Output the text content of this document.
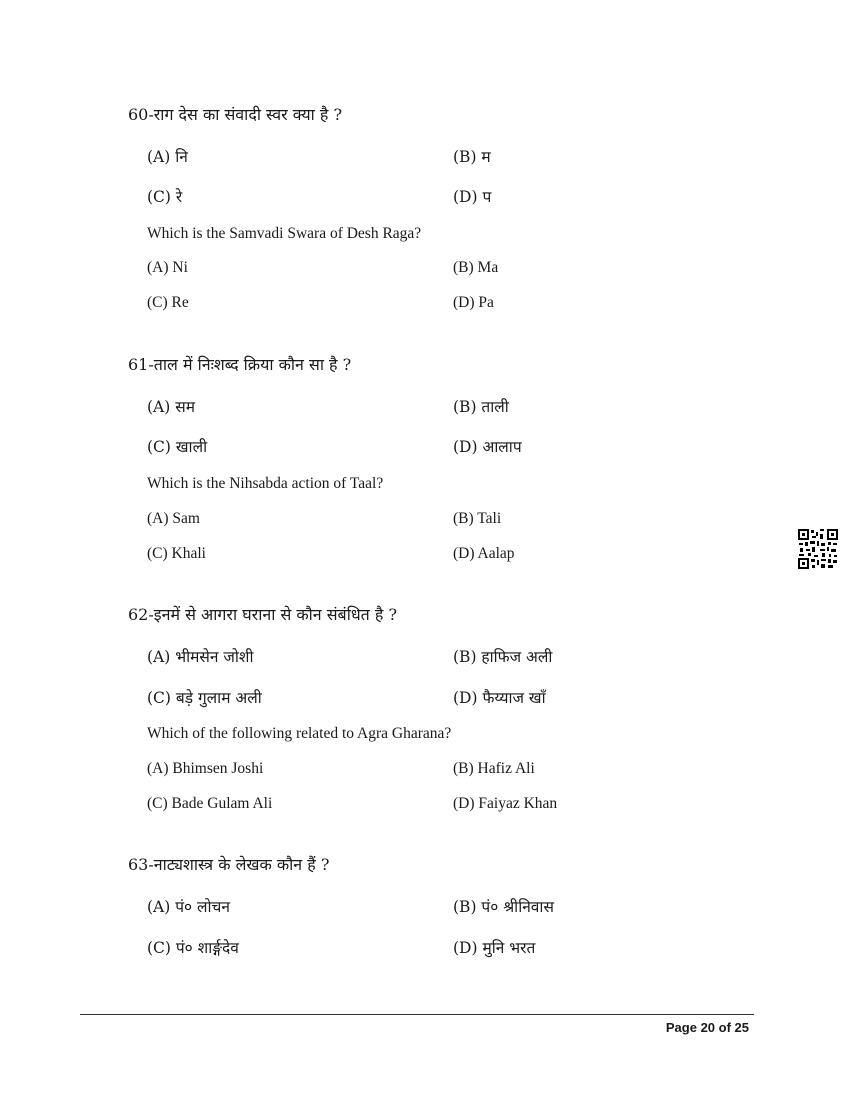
60-राग देस का संवादी स्वर क्या है ?
(A) नि	(B) म
(C) रे	(D) प
Which is the Samvadi Swara of Desh Raga?
(A) Ni	(B) Ma
(C) Re	(D) Pa
61-ताल में निःशब्द क्रिया कौन सा है ?
(A) सम	(B) ताली
(C) खाली	(D) आलाप
Which is the Nihsabda action of Taal?
(A) Sam	(B) Tali
(C) Khali	(D) Aalap
62-इनमें से आगरा घराना से कौन संबंधित है ?
(A) भीमसेन जोशी	(B) हाफिज अली
(C) बड़े गुलाम अली	(D) फैय्याज खाँ
Which of the following related to Agra Gharana?
(A) Bhimsen Joshi	(B) Hafiz Ali
(C) Bade Gulam Ali	(D) Faiyaz Khan
63-नाट्यशास्त्र के लेखक कौन हैं ?
(A) पं० लोचन	(B) पं० श्रीनिवास
(C) पं० शार्ङ्गदेव	(D) मुनि भरत
Page 20 of 25
